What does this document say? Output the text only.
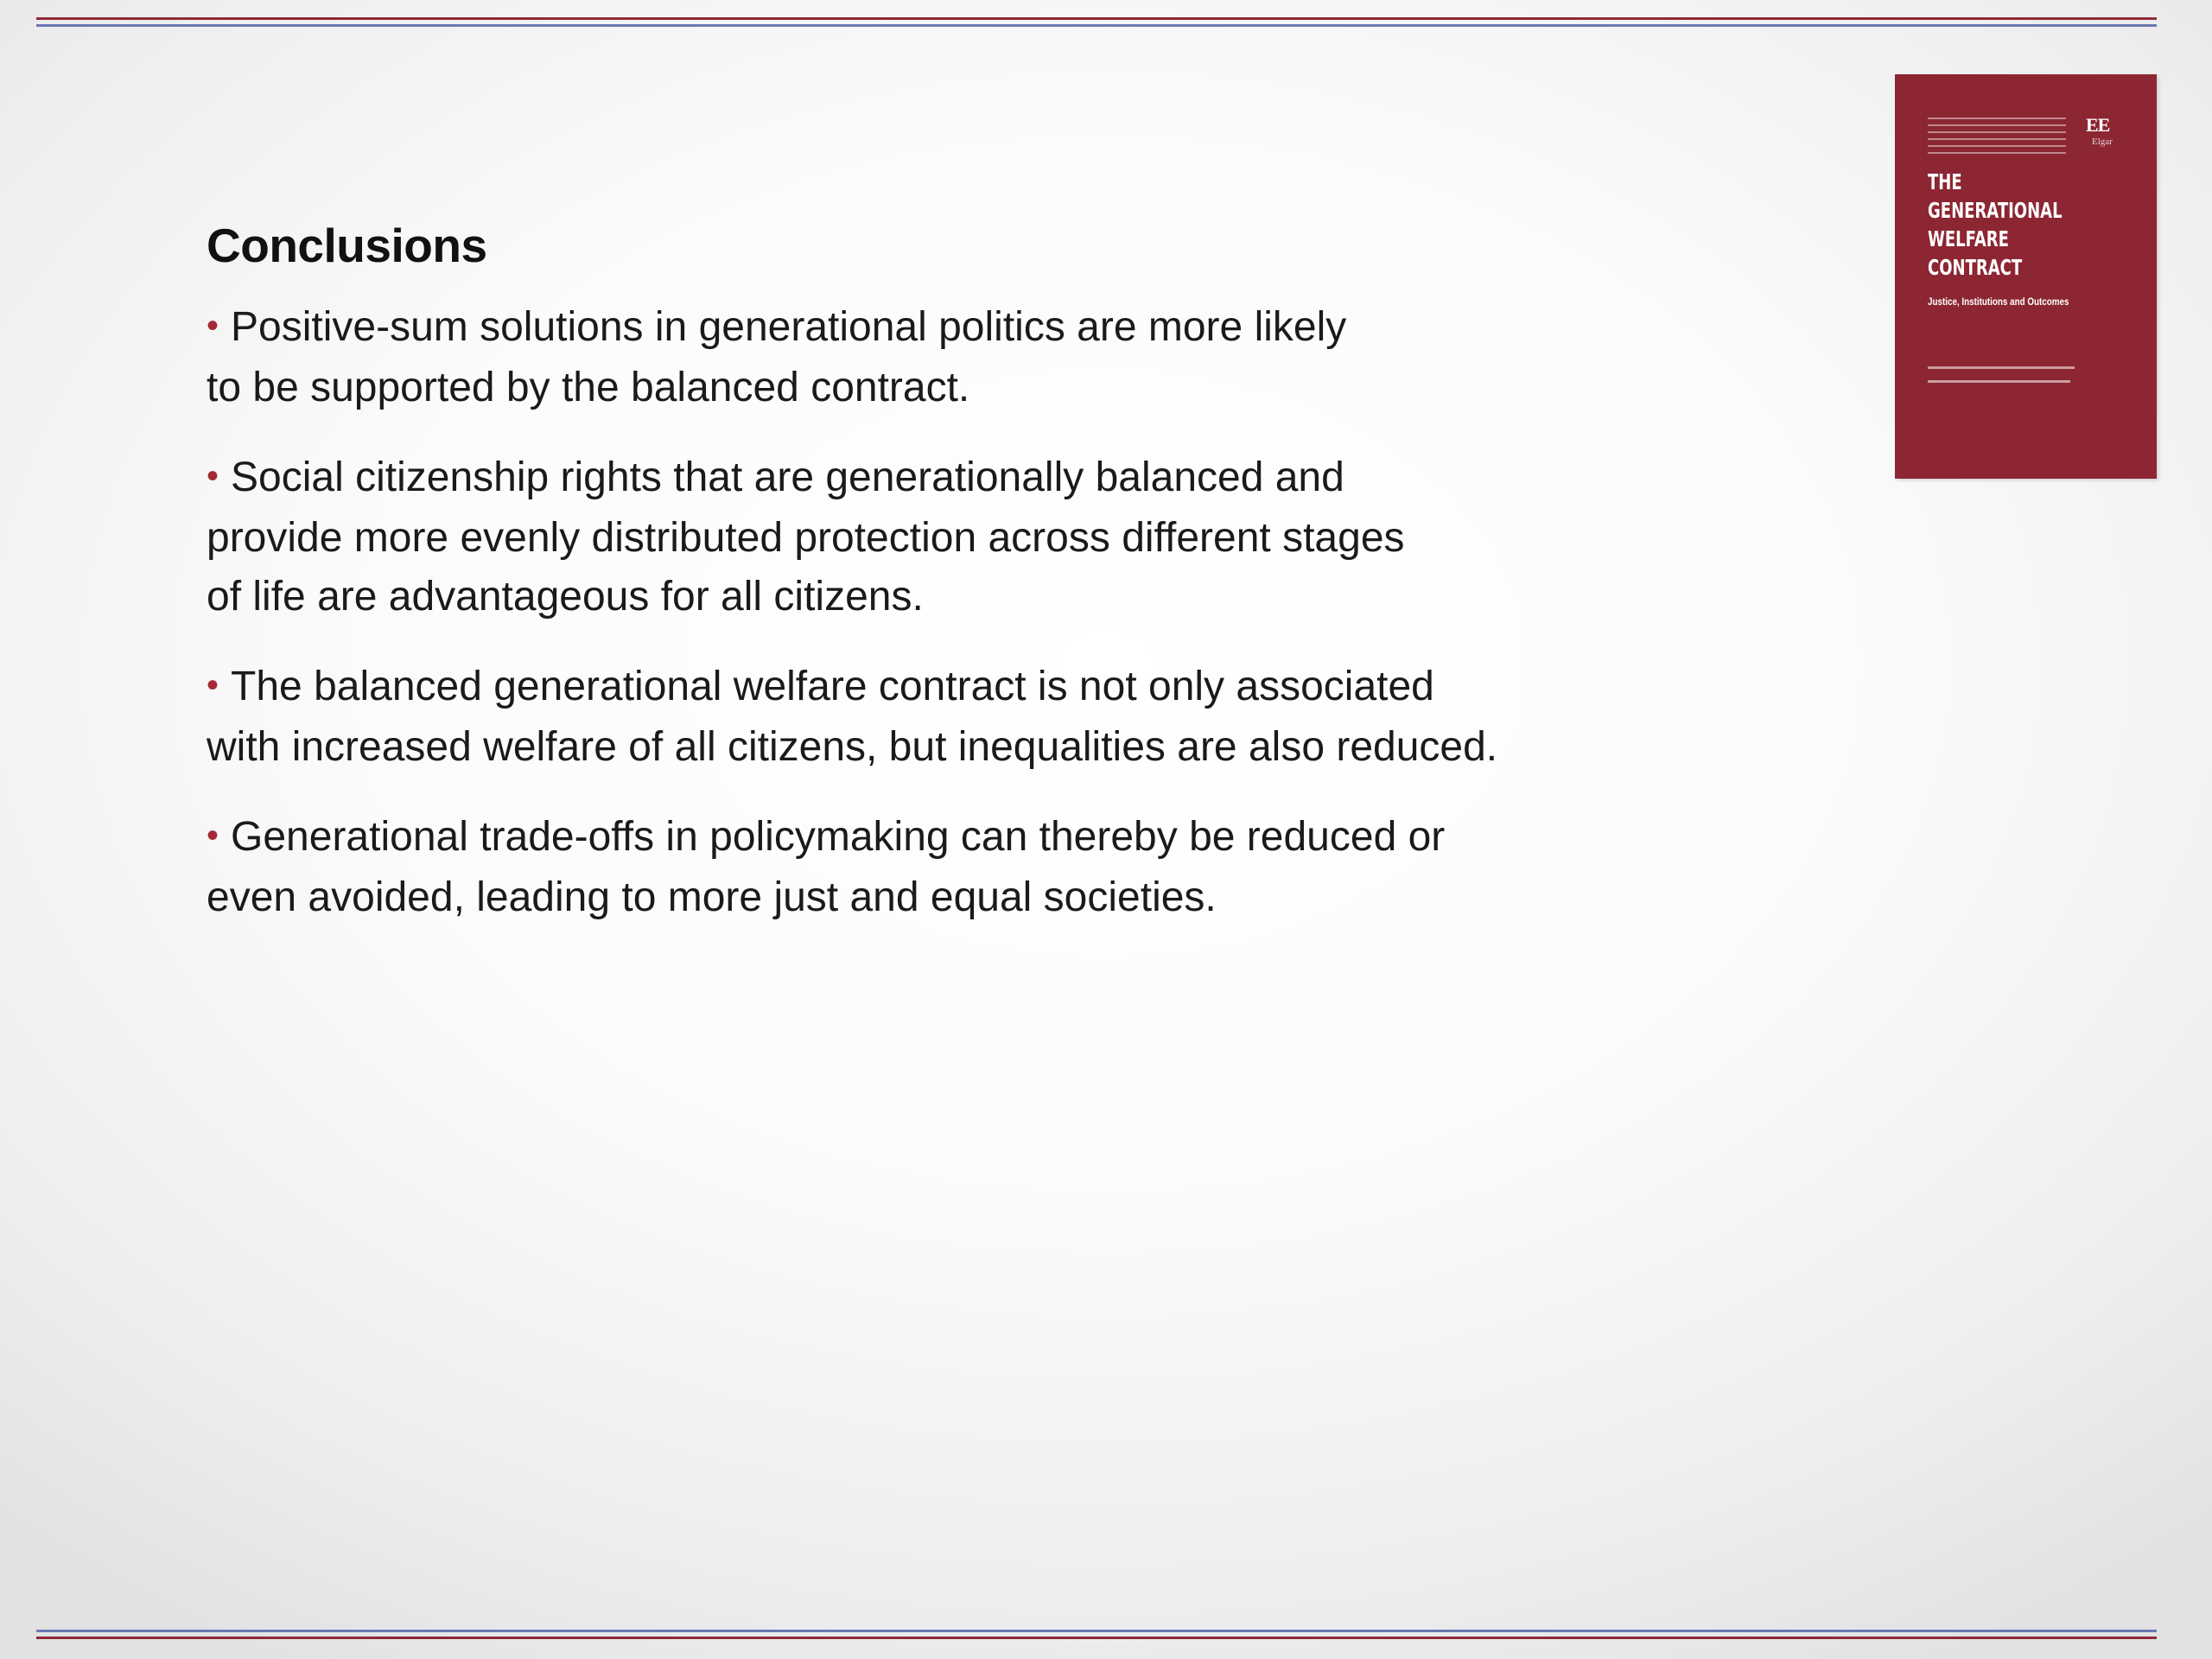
Conclusions
• Positive-sum solutions in generational politics are more likely
to be supported by the balanced contract.
• Social citizenship rights that are generationally balanced and
provide more evenly distributed protection across different stages
of life are advantageous for all citizens.
• The balanced generational welfare contract is not only associated
with increased welfare of all citizens, but inequalities are also reduced.
• Generational trade-offs in policymaking can thereby be reduced or
even avoided, leading to more just and equal societies.
EE
Elgar
THE
GENERATIONAL
WELFARE
CONTRACT
Justice, Institutions and Outcomes
